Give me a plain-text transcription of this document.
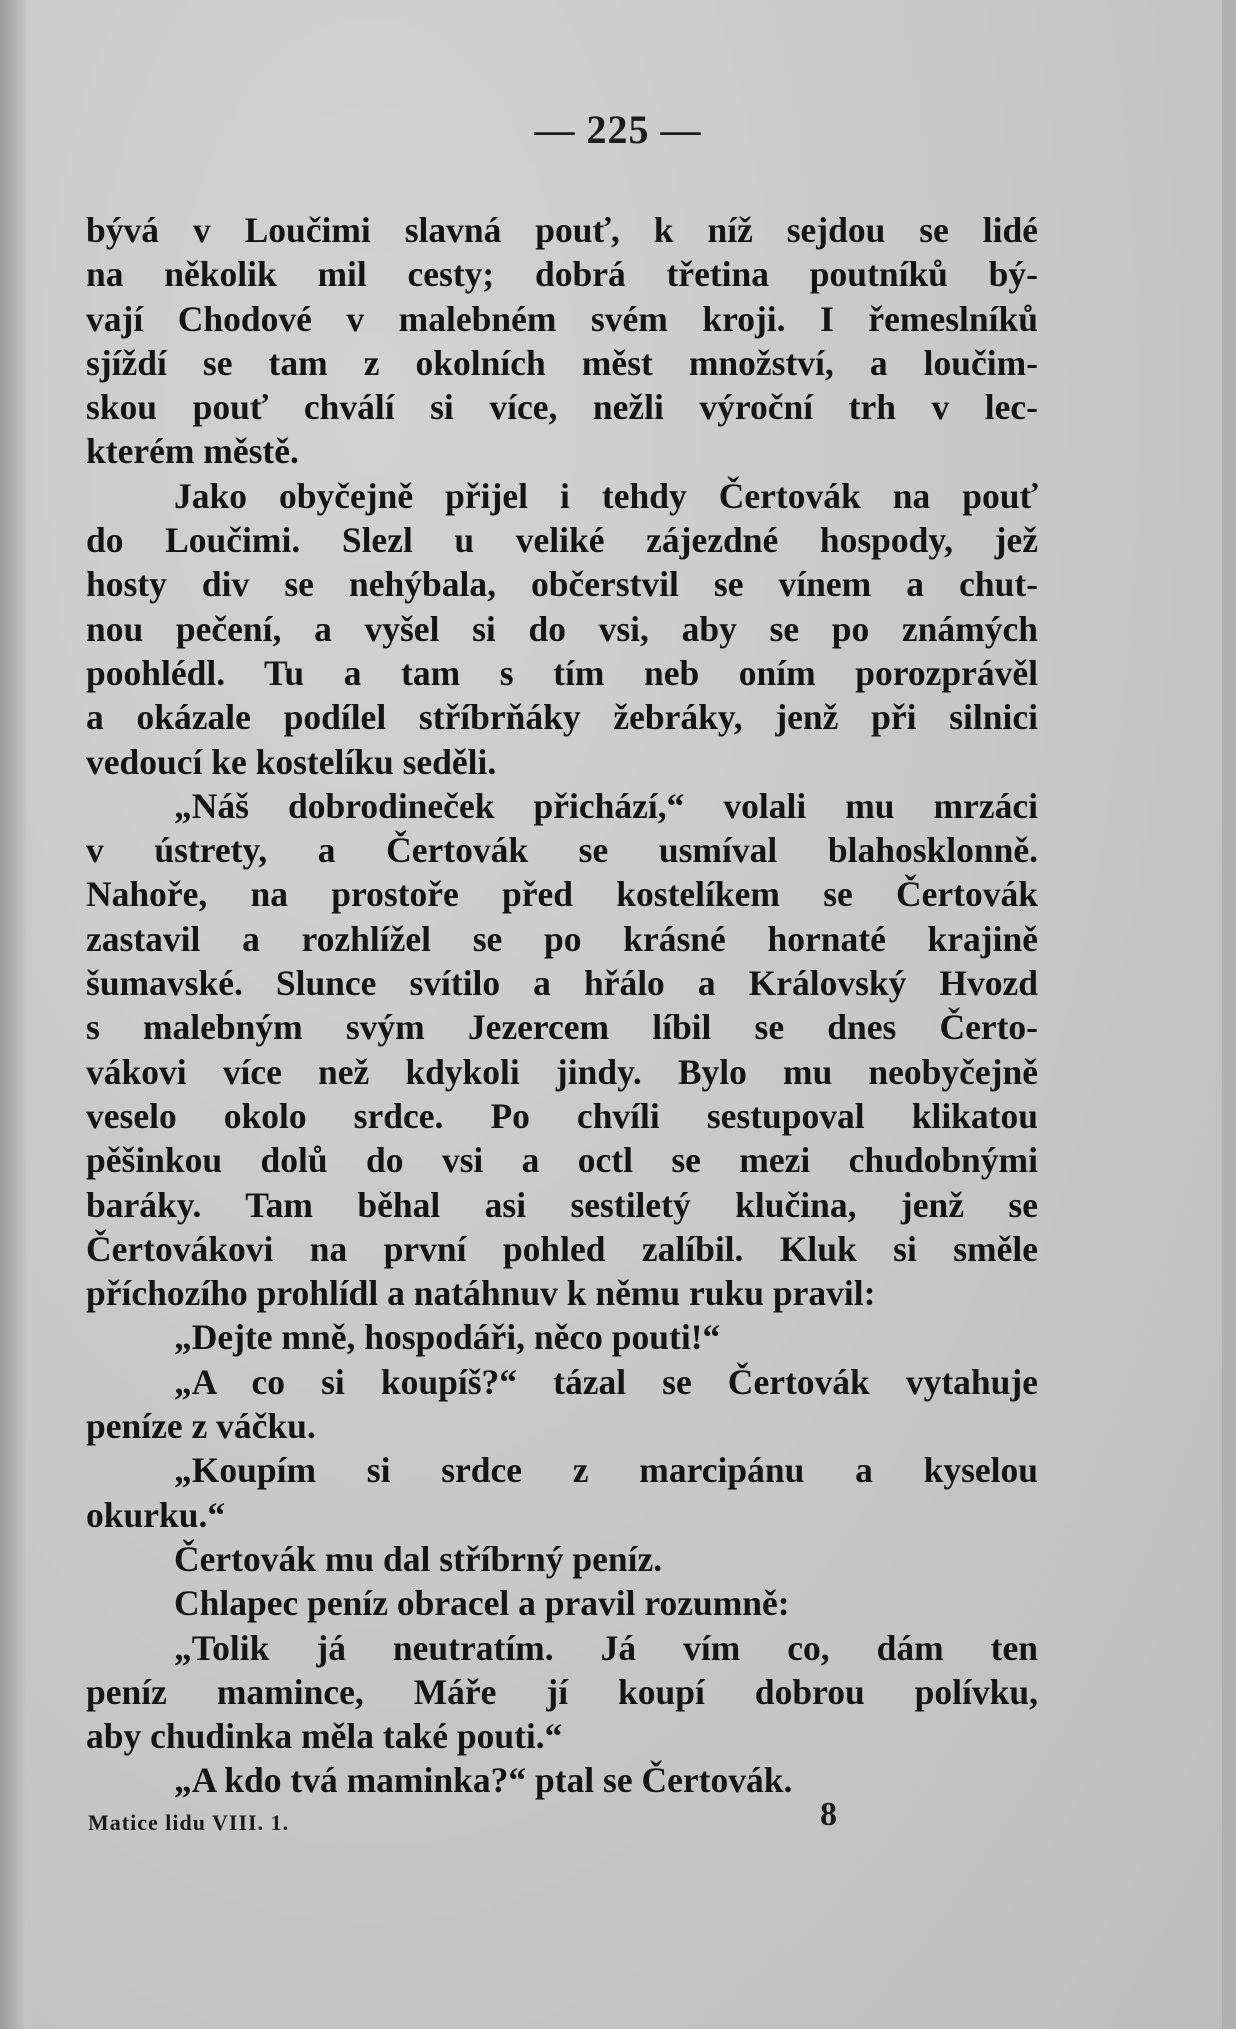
— 225 —
bývá v Loučimi slavná pouť, k níž sejdou se lidé
na několik mil cesty; dobrá třetina poutníků bý-
vají Chodové v malebném svém kroji. I řemeslníků
sjíždí se tam z okolních měst množství, a loučim-
skou pouť chválí si více, nežli výroční trh v lec-
kterém městě.
Jako obyčejně přijel i tehdy Čertovák na pouť
do Loučimi. Slezl u veliké zájezdné hospody, jež
hosty div se nehýbala, občerstvil se vínem a chut-
nou pečení, a vyšel si do vsi, aby se po známých
poohlédl. Tu a tam s tím neb oním porozprávěl
a okázale podílel stříbrňáky žebráky, jenž při silnici
vedoucí ke kostelíku seděli.
„Náš dobrodineček přichází,“ volali mu mrzáci
v ústrety, a Čertovák se usmíval blahosklonně.
Nahoře, na prostoře před kostelíkem se Čertovák
zastavil a rozhlížel se po krásné hornaté krajině
šumavské. Slunce svítilo a hřálo a Královský Hvozd
s malebným svým Jezercem líbil se dnes Čerto-
vákovi více než kdykoli jindy. Bylo mu neobyčejně
veselo okolo srdce. Po chvíli sestupoval klikatou
pěšinkou dolů do vsi a octl se mezi chudobnými
baráky. Tam běhal asi sestiletý klučina, jenž se
Čertovákovi na první pohled zalíbil. Kluk si směle
příchozího prohlídl a natáhnuv k němu ruku pravil:
„Dejte mně, hospodáři, něco pouti!“
„A co si koupíš?“ tázal se Čertovák vytahuje
peníze z váčku.
„Koupím si srdce z marcipánu a kyselou
okurku.“
Čertovák mu dal stříbrný peníz.
Chlapec peníz obracel a pravil rozumně:
„Tolik já neutratím. Já vím co, dám ten
peníz mamince, Máře jí koupí dobrou polívku,
aby chudinka měla také pouti.“
„A kdo tvá maminka?“ ptal se Čertovák.
Matice lidu VIII. 1.	8
